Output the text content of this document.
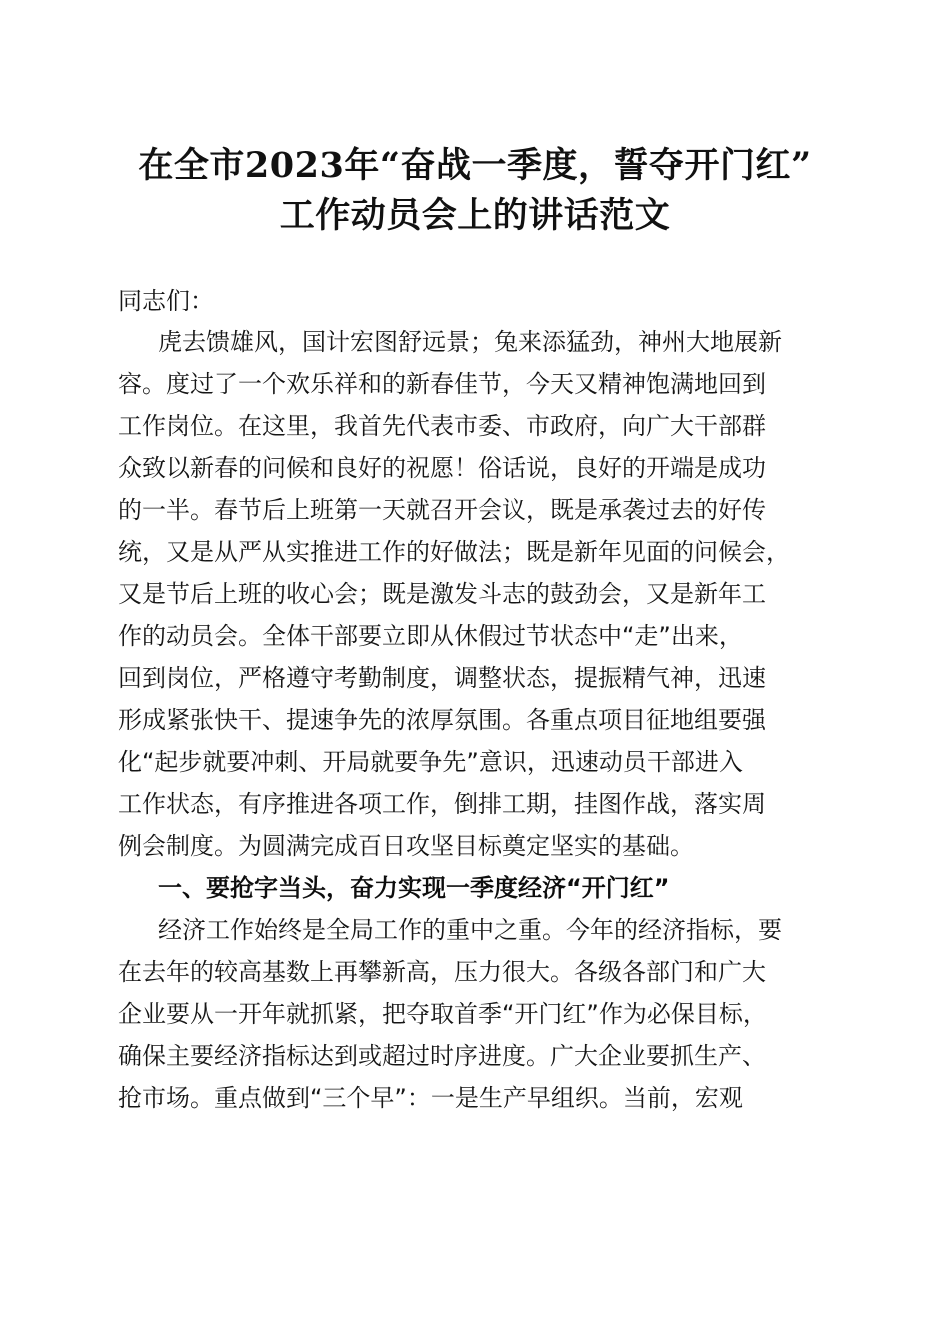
在全市2023年“奋战一季度，誓夺开门红”
工作动员会上的讲话范文
同志们：
虎去馈雄风，国计宏图舒远景；兔来添猛劲，神州大地展新
容。度过了一个欢乐祥和的新春佳节，今天又精神饱满地回到
工作岗位。在这里，我首先代表市委、市政府，向广大干部群
众致以新春的问候和良好的祝愿！俗话说，良好的开端是成功
的一半。春节后上班第一天就召开会议，既是承袭过去的好传
统，又是从严从实推进工作的好做法；既是新年见面的问候会，
又是节后上班的收心会；既是激发斗志的鼓劲会，又是新年工
作的动员会。全体干部要立即从休假过节状态中“走”出来，
回到岗位，严格遵守考勤制度，调整状态，提振精气神，迅速
形成紧张快干、提速争先的浓厚氛围。各重点项目征地组要强
化“起步就要冲刺、开局就要争先”意识，迅速动员干部进入
工作状态，有序推进各项工作，倒排工期，挂图作战，落实周
例会制度。为圆满完成百日攻坚目标奠定坚实的基础。
一、要抢字当头，奋力实现一季度经济“开门红”
经济工作始终是全局工作的重中之重。今年的经济指标，要
在去年的较高基数上再攀新高，压力很大。各级各部门和广大
企业要从一开年就抓紧，把夺取首季“开门红”作为必保目标，
确保主要经济指标达到或超过时序进度。广大企业要抓生产、
抢市场。重点做到“三个早”：一是生产早组织。当前，宏观
